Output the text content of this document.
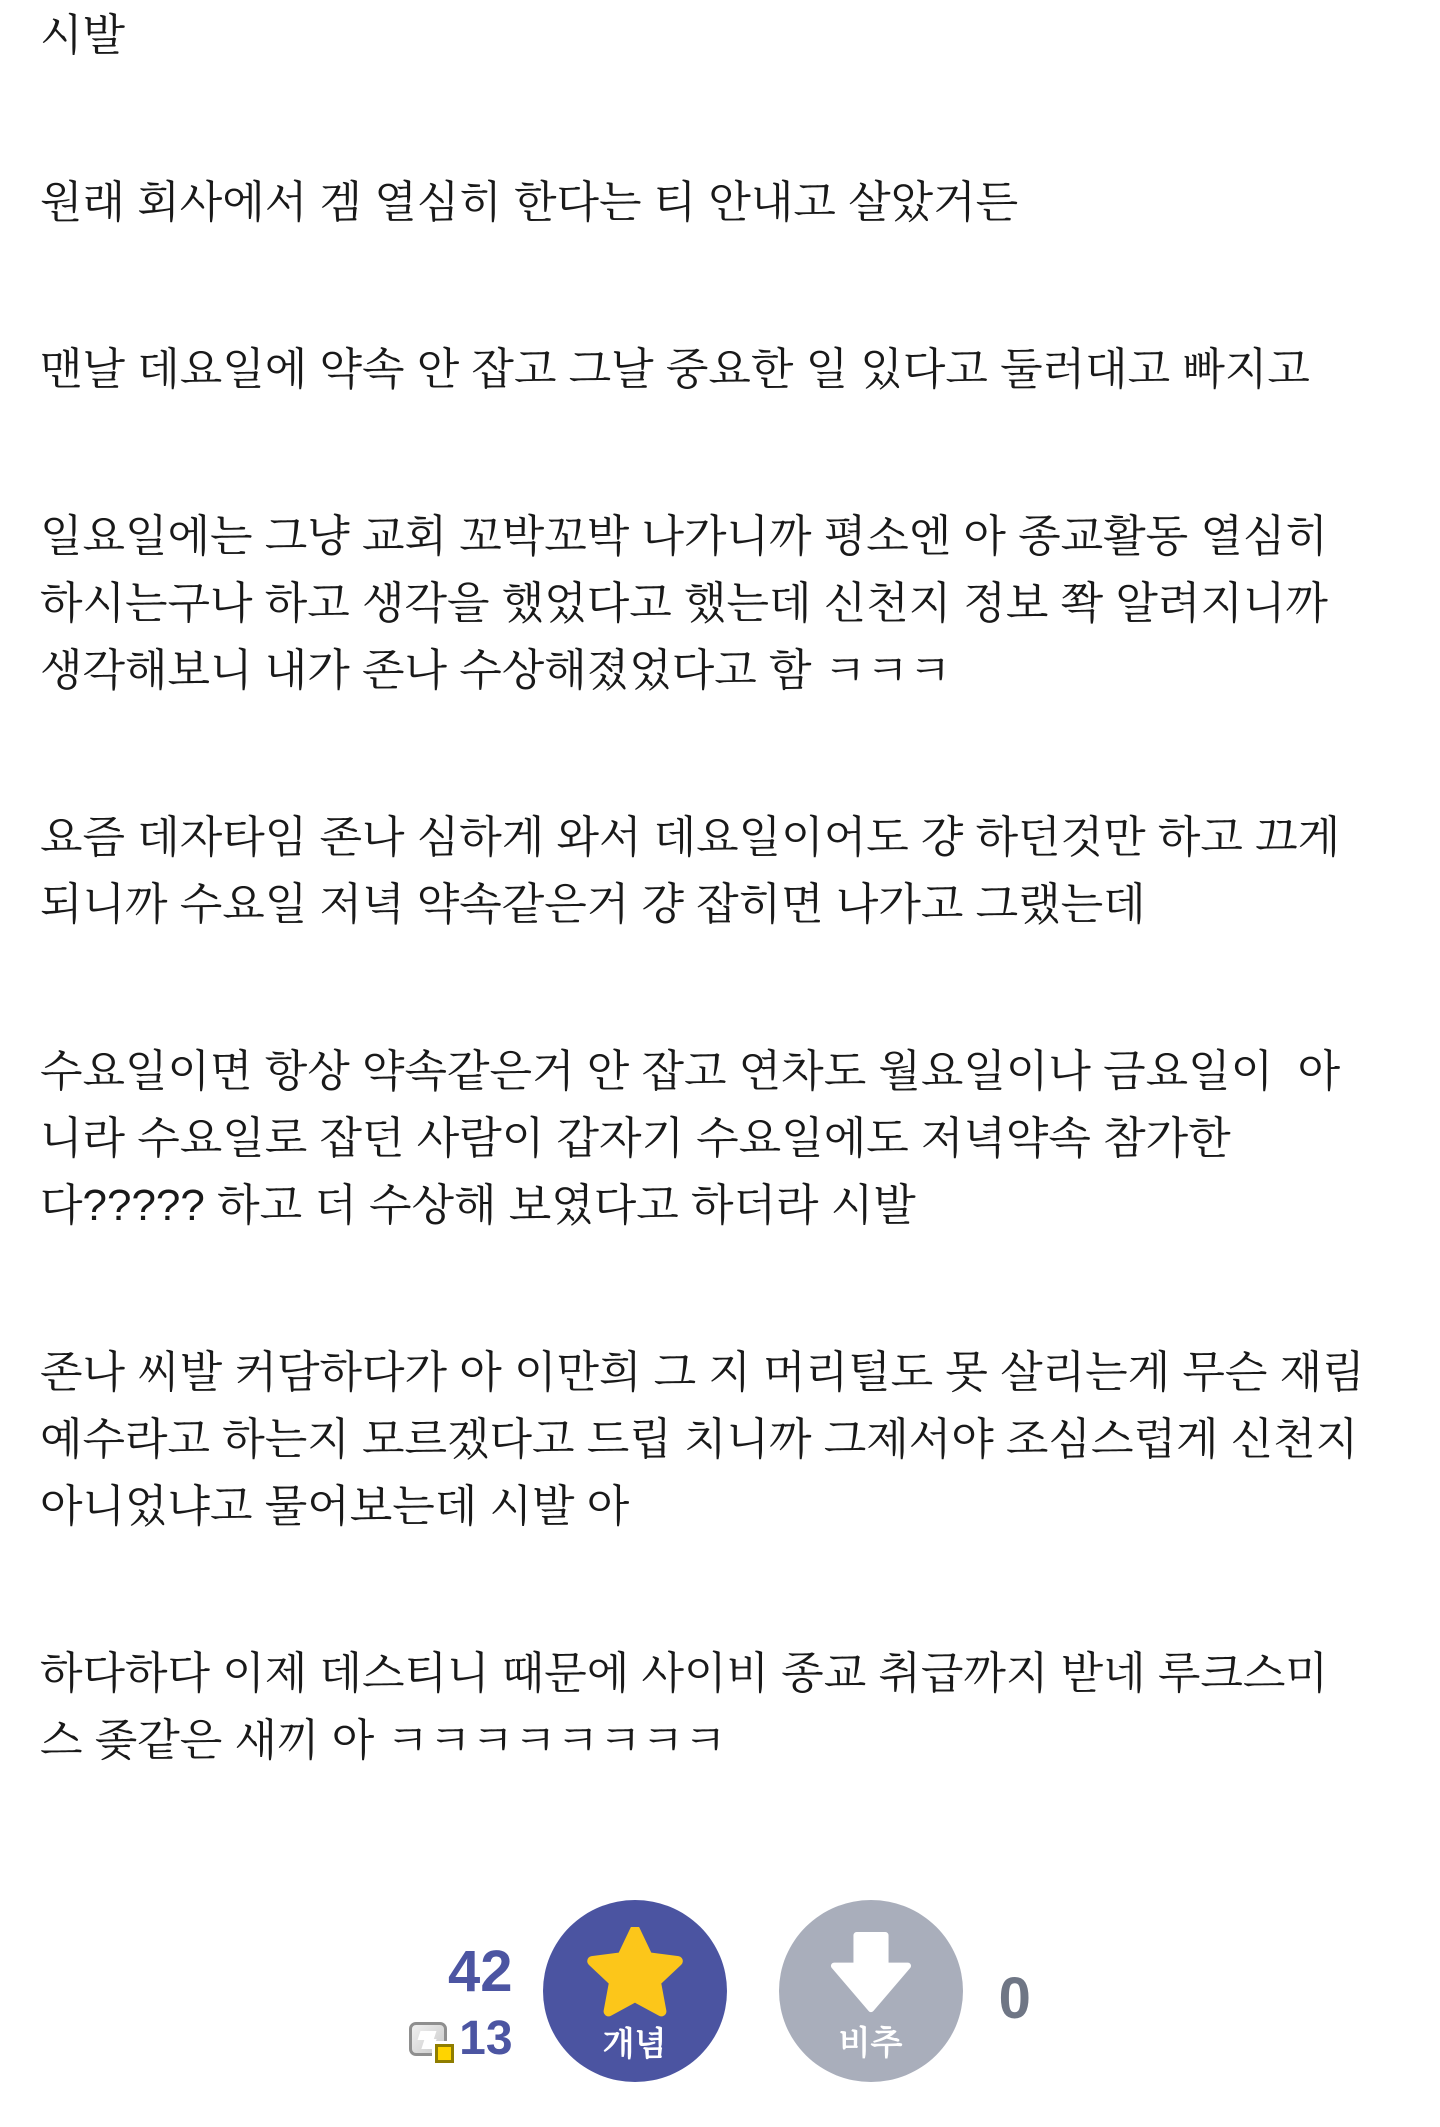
시발
원래 회사에서 겜 열심히 한다는 티 안내고 살았거든
맨날 데요일에 약속 안 잡고 그날 중요한 일 있다고 둘러대고 빠지고
일요일에는 그냥 교회 꼬박꼬박 나가니까 평소엔 아 종교활동 열심히
하시는구나 하고 생각을 했었다고 했는데 신천지 정보 쫙 알려지니까
생각해보니 내가 존나 수상해졌었다고 함 ㅋㅋㅋ
요즘 데자타임 존나 심하게 와서 데요일이어도 걍 하던것만 하고 끄게
되니까 수요일 저녁 약속같은거 걍 잡히면 나가고 그랬는데
수요일이면 항상 약속같은거 안 잡고 연차도 월요일이나 금요일이  아
니라 수요일로 잡던 사람이 갑자기 수요일에도 저녁약속 참가한
다????? 하고 더 수상해 보였다고 하더라 시발
존나 씨발 커담하다가 아 이만희 그 지 머리털도 못 살리는게 무슨 재림
예수라고 하는지 모르겠다고 드립 치니까 그제서야 조심스럽게 신천지
아니었냐고 물어보는데 시발 아
하다하다 이제 데스티니 때문에 사이비 종교 취급까지 받네 루크스미
스 좆같은 새끼 아 ㅋㅋㅋㅋㅋㅋㅋㅋ
42
13	개념	비추
0
